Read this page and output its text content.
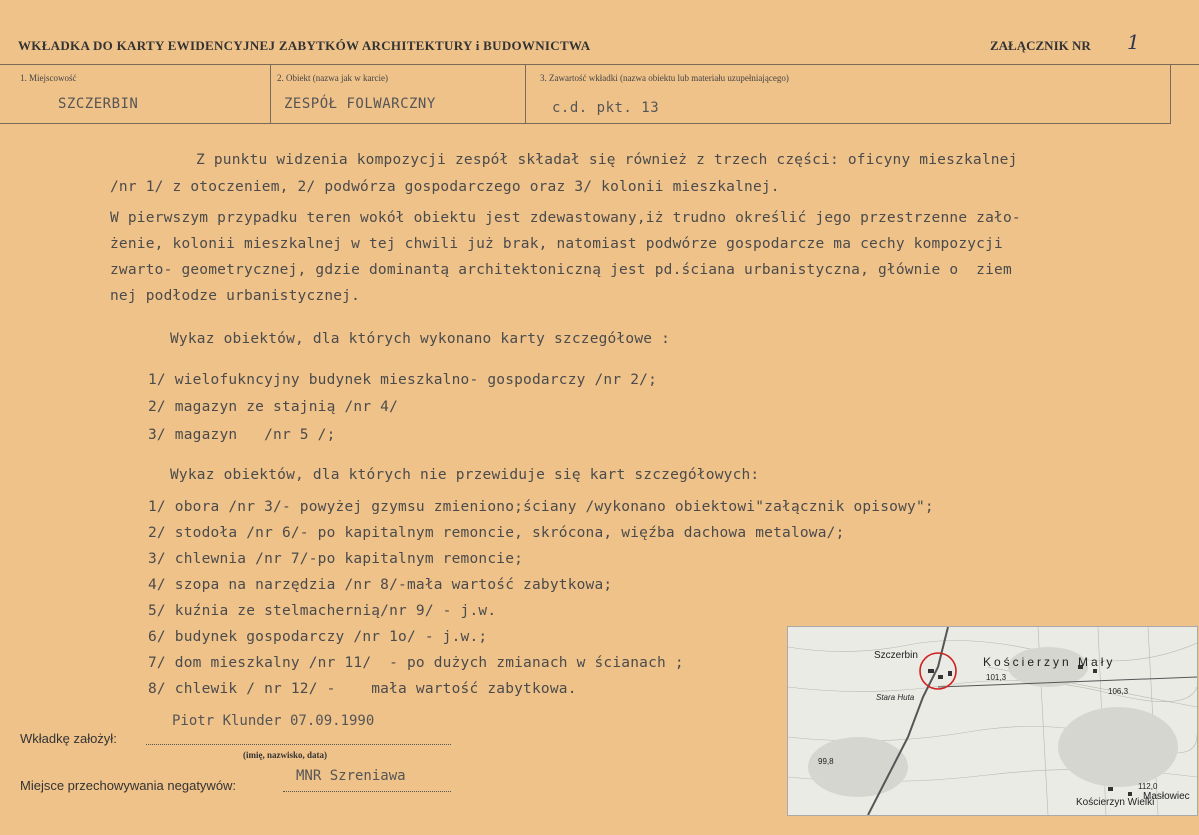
WKŁADKA DO KARTY EWIDENCYJNEJ ZABYTKÓW ARCHITEKTURY i BUDOWNICTWA	ZAŁĄCZNIK NR 1
1. Miejscowość
SZCZERBIN
2. Obiekt (nazwa jak w karcie)
ZESPÓŁ FOLWARCZNY
3. Zawartość wkładki (nazwa obiektu lub materiału uzupełniającego)
c.d. pkt. 13
Z punktu widzenia kompozycji zespół składał się również z trzech części: oficyny mieszkalnej
/nr 1/ z otoczeniem, 2/ podwórza gospodarczego oraz 3/ kolonii mieszkalnej.
W pierwszym przypadku teren wokół obiektu jest zdewastowany,iż trudno określić jego przestrzenne zało-
żenie, kolonii mieszkalnej w tej chwili już brak, natomiast podwórze gospodarcze ma cechy kompozycji
zwarto- geometrycznej, gdzie dominantą architektoniczną jest pd.ściana urbanistyczna, głównie o  ziem
nej podłodze urbanistycznej.
Wykaz obiektów, dla których wykonano karty szczegółowe :
1/ wielofukncyjny budynek mieszkalno- gospodarczy /nr 2/;
2/ magazyn ze stajnią /nr 4/
3/ magazyn   /nr 5 /;
Wykaz obiektów, dla których nie przewiduje się kart szczegółowych:
1/ obora /nr 3/- powyżej gzymsu zmieniono;ściany /wykonano obiektowi"załącznik opisowy";
2/ stodoła /nr 6/- po kapitalnym remoncie, skrócona, więźba dachowa metalowa/;
3/ chlewnia /nr 7/-po kapitalnym remoncie;
4/ szopa na narzędzia /nr 8/-mała wartość zabytkowa;
5/ kuźnia ze stelmachernią/nr 9/ - j.w.
6/ budynek gospodarczy /nr 1o/ - j.w.;
7/ dom mieszkalny /nr 11/  - po dużych zmianach w ścianach ;
8/ chlewik / nr 12/ -    mała wartość zabytkowa.
Wkładkę założył:
Piotr Klunder 07.09.1990
(imię, nazwisko, data)
Miejsce przechowywania negatywów:
MNR Szreniawa
Szczerbin	Kościerzyn Mały
Kościerzyn Wielki
Masłowiec
101,3
106,3
99,8
112,0
Stara Huta
